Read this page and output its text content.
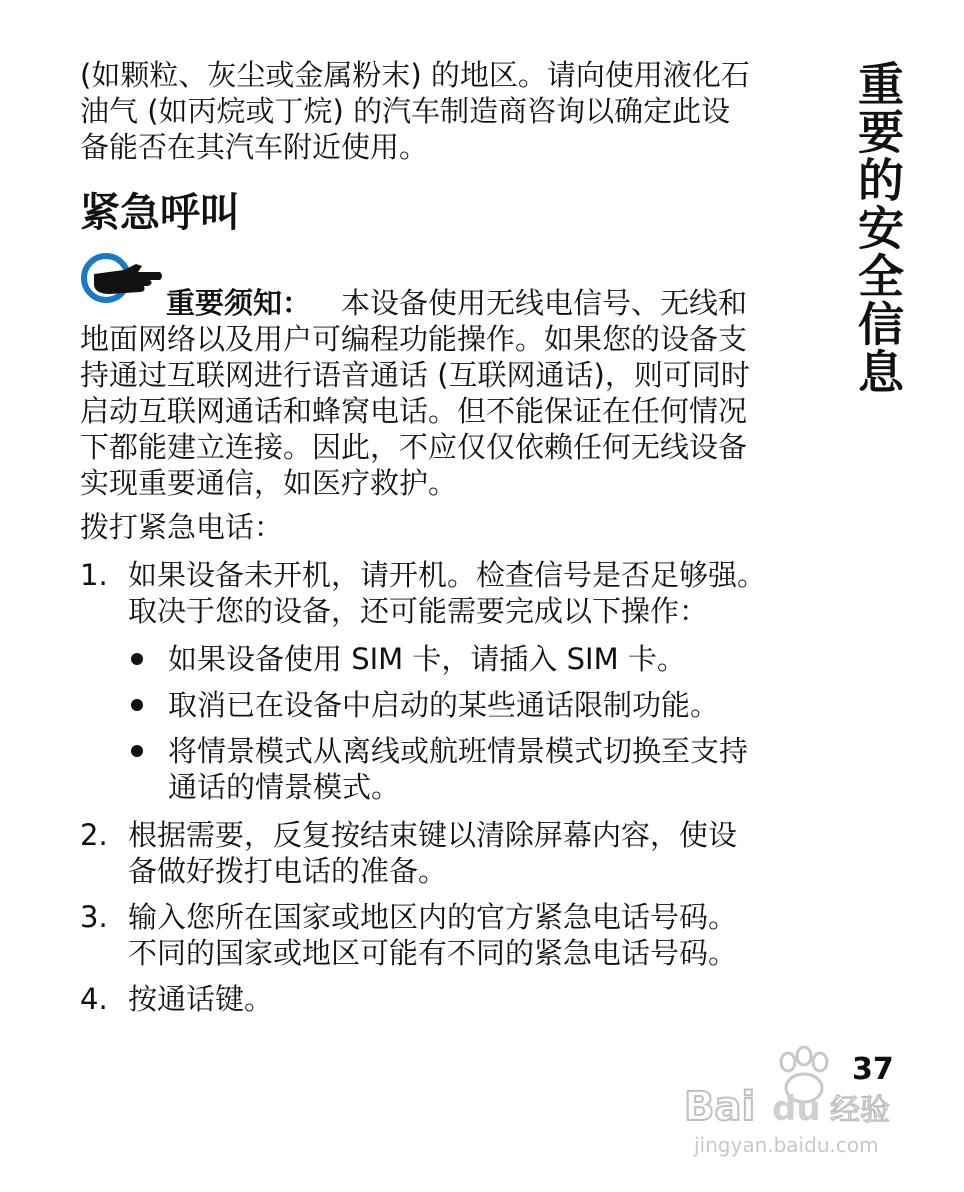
(如颗粒、灰尘或金属粉末) 的地区。请向使用液化石
油气 (如丙烷或丁烷) 的汽车制造商咨询以确定此设
备能否在其汽车附近使用。
紧急呼叫
重要须知： 本设备使用无线电信号、无线和
地面网络以及用户可编程功能操作。如果您的设备支
持通过互联网进行语音通话 (互联网通话)，则可同时
启动互联网通话和蜂窝电话。但不能保证在任何情况
下都能建立连接。因此，不应仅仅依赖任何无线设备
实现重要通信，如医疗救护。
拨打紧急电话：
1. 如果设备未开机，请开机。检查信号是否足够强。
取决于您的设备，还可能需要完成以下操作：
如果设备使用 SIM 卡，请插入 SIM 卡。
取消已在设备中启动的某些通话限制功能。
将情景模式从离线或航班情景模式切换至支持
通话的情景模式。
2. 根据需要，反复按结束键以清除屏幕内容，使设
备做好拨打电话的准备。
3. 输入您所在国家或地区内的官方紧急电话号码。
不同的国家或地区可能有不同的紧急电话号码。
4. 按通话键。
重要的安全信息
Bai du 经验
jingyan.baidu.com
37
